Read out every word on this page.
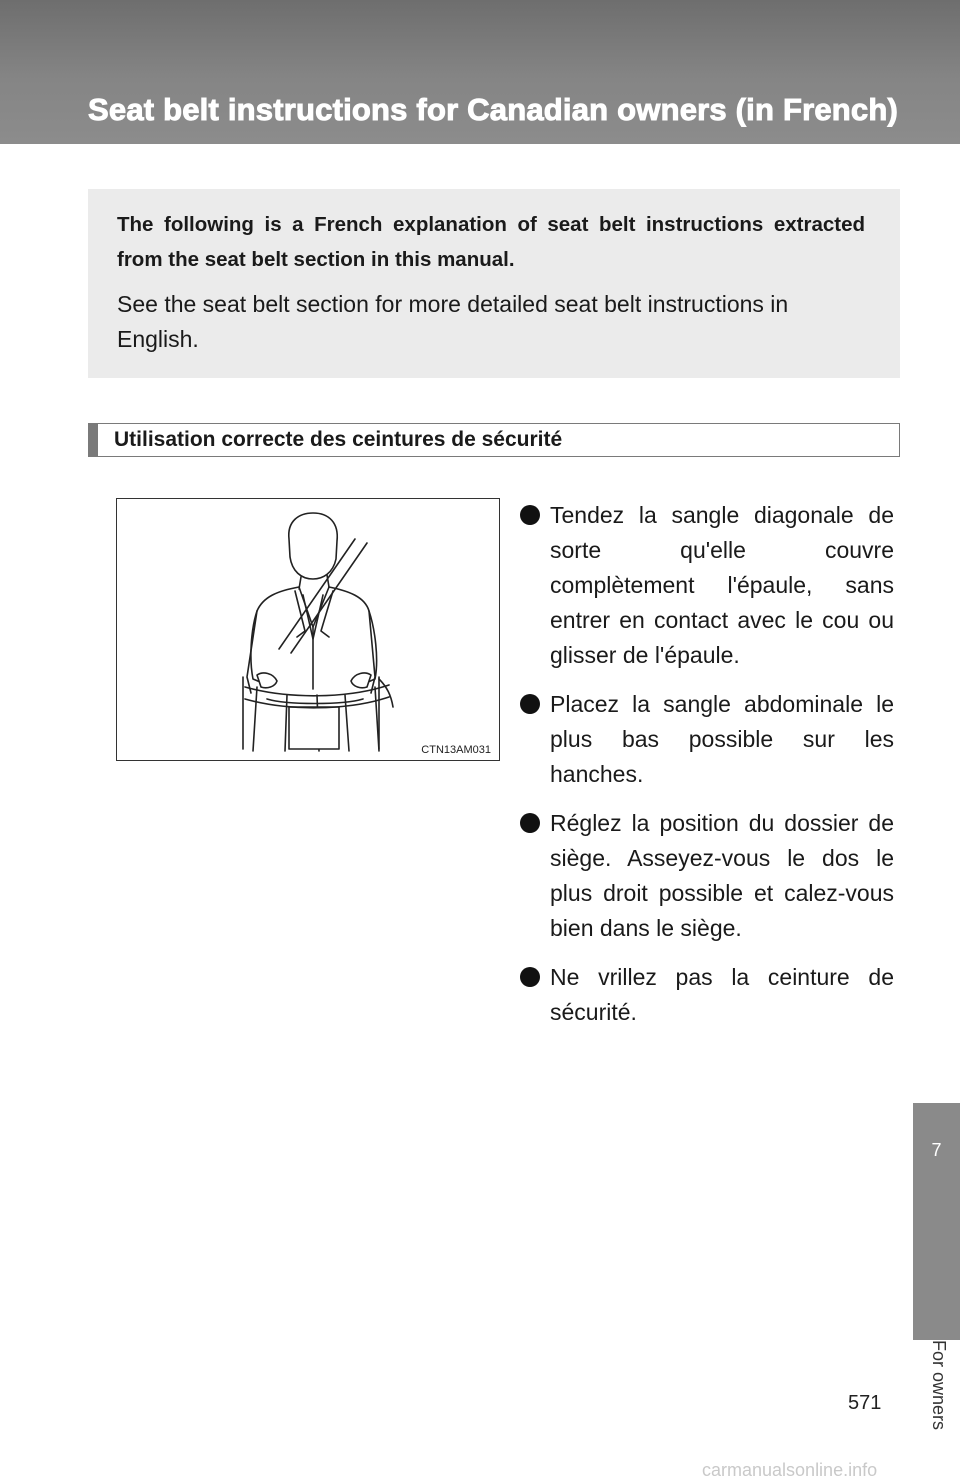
Seat belt instructions for Canadian owners (in French)

The following is a French explanation of seat belt instructions extracted from the seat belt section in this manual.

See the seat belt section for more detailed seat belt instructions in English.

Utilisation correcte des ceintures de sécurité
CTN13AM031
Tendez la sangle diagonale de sorte qu'elle couvre complètement l'épaule, sans entrer en contact avec le cou ou glisser de l'épaule.
Placez la sangle abdominale le plus bas possible sur les hanches.
Réglez la position du dossier de siège. Asseyez-vous le dos le plus droit possible et calez-vous bien dans le siège.
Ne vrillez pas la ceinture de sécurité.
7
For owners
571
carmanualsonline.info
